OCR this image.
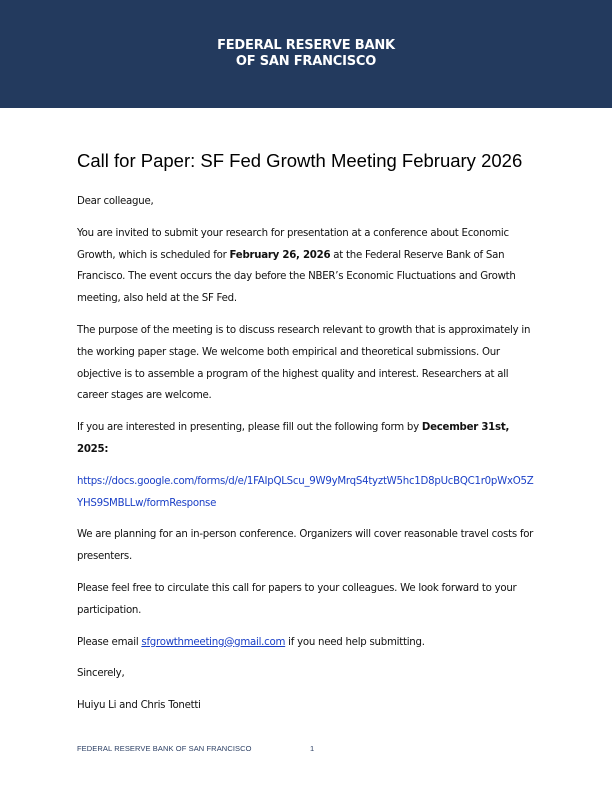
FEDERAL RESERVE BANK
OF SAN FRANCISCO
Call for Paper: SF Fed Growth Meeting February 2026

Dear colleague,

You are invited to submit your research for presentation at a conference about Economic Growth, which is scheduled for February 26, 2026 at the Federal Reserve Bank of San Francisco. The event occurs the day before the NBER’s Economic Fluctuations and Growth meeting, also held at the SF Fed.

The purpose of the meeting is to discuss research relevant to growth that is approximately in the working paper stage. We welcome both empirical and theoretical submissions. Our objective is to assemble a program of the highest quality and interest. Researchers at all career stages are welcome.

If you are interested in presenting, please fill out the following form by December 31st, 2025:

https://docs.google.com/forms/d/e/1FAIpQLScu_9W9yMrqS4tyztW5hc1D8pUcBQC1r0pWxO5ZYHS9SMBLLw/formResponse

We are planning for an in-person conference. Organizers will cover reasonable travel costs for presenters.

Please feel free to circulate this call for papers to your colleagues. We look forward to your participation.

Please email sfgrowthmeeting@gmail.com if you need help submitting.

Sincerely,

Huiyu Li and Chris Tonetti

FEDERAL RESERVE BANK OF SAN FRANCISCO	1
